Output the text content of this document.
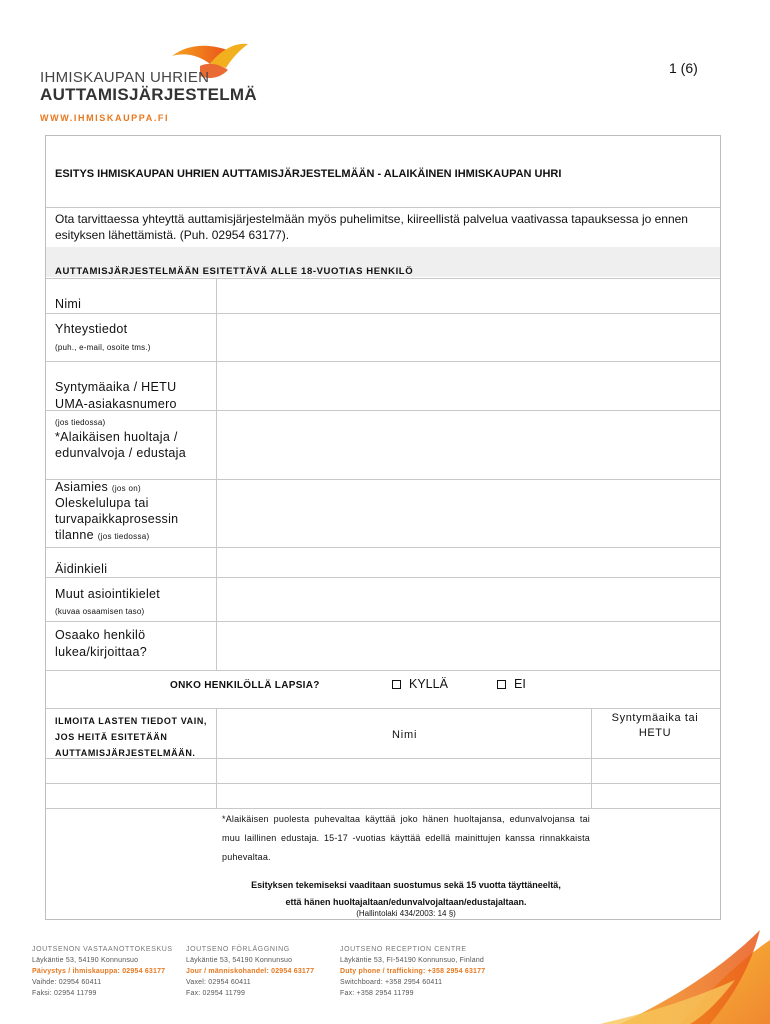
IHMISKAUPAN UHRIEN
AUTTAMISJÄRJESTELMÄ
WWW.IHMISKAUPPA.FI
1 (6)
ESITYS IHMISKAUPAN UHRIEN AUTTAMISJÄRJESTELMÄÄN - ALAIKÄINEN IHMISKAUPAN UHRI
Ota tarvittaessa yhteyttä auttamisjärjestelmään myös puhelimitse, kiireellistä palvelua vaativassa tapauksessa jo ennen esityksen lähettämistä. (Puh. 02954 63177).
AUTTAMISJÄRJESTELMÄÄN ESITETTÄVÄ ALLE 18-VUOTIAS HENKILÖ
Nimi
Yhteystiedot
(puh., e-mail, osoite tms.)
Syntymäaika / HETU
UMA-asiakasnumero
(jos tiedossa)
*Alaikäisen huoltaja /
edunvalvoja / edustaja
Asiamies (jos on)
Oleskelulupa tai
turvapaikkaprosessin
tilanne (jos tiedossa)
Äidinkieli
Muut asiointikielet
(kuvaa osaamisen taso)
Osaako henkilö
lukea/kirjoittaa?
ONKO HENKILÖLLÄ LAPSIA?	KYLLÄ	EI
ILMOITA LASTEN TIEDOT VAIN, JOS HEITÄ ESITETÄÄN AUTTAMISJÄRJESTELMÄÄN.
Nimi
Syntymäaika tai HETU
*Alaikäisen puolesta puhevaltaa käyttää joko hänen huoltajansa, edunvalvojansa tai muu laillinen edustaja. 15-17 -vuotias käyttää edellä mainittujen kanssa rinnakkaista puhevaltaa.
Esityksen tekemiseksi vaaditaan suostumus sekä 15 vuotta täyttäneeltä,
että hänen huoltajaltaan/edunvalvojaltaan/edustajaltaan.
(Hallintolaki 434/2003: 14 §)
JOUTSENON VASTAANOTTOKESKUS
Läykäntie 53, 54190 Konnunsuo
Päivystys / ihmiskauppa: 02954 63177
Vaihde: 02954 60411
Faksi: 02954 11799
JOUTSENO FÖRLÄGGNING
Läykäntie 53, 54190 Konnunsuo
Jour / människohandel: 02954 63177
Vaxel: 02954 60411
Fax: 02954 11799
JOUTSENO RECEPTION CENTRE
Läykäntie 53, FI-54190 Konnunsuo, Finland
Duty phone / trafficking: +358 2954 63177
Switchboard: +358 2954 60411
Fax: +358 2954 11799
